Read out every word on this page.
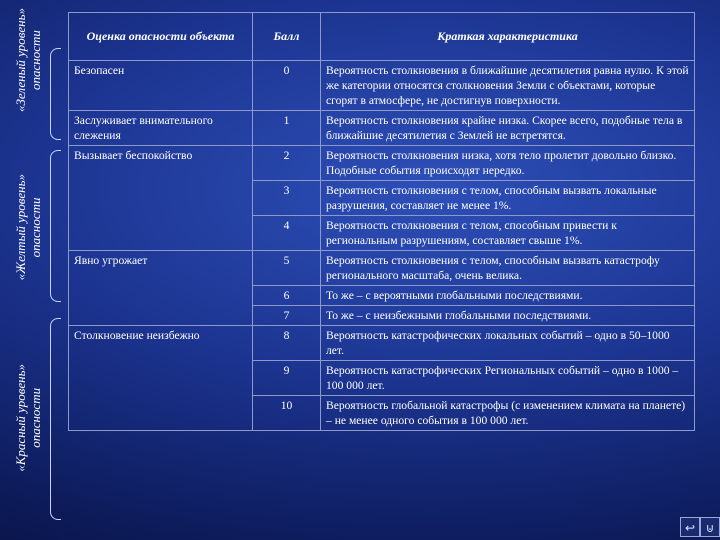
«Зеленый уровень»
опасности
«Желтый уровень»
опасности
«Красный уровень»
опасности
Оценка опасности объекта	Балл	Краткая характеристика
Безопасен	0	Вероятность столкновения в ближайшие десятилетия равна нулю. К этой же категории относятся столкновения Земли с объектами, которые сгорят в атмосфере, не достигнув поверхности.
Заслуживает внимательного слежения	1	Вероятность столкновения крайне низка. Скорее всего, подобные тела в ближайшие десятилетия с Землей не встретятся.
Вызывает беспокойство	2	Вероятность столкновения низка, хотя тело пролетит довольно близко. Подобные события происходят нередко.
	3	Вероятность столкновения с телом, способным вызвать локальные разрушения, составляет не менее 1%.
	4	Вероятность столкновения с телом, способным привести к региональным разрушениям, составляет свыше 1%.
Явно угрожает	5	Вероятность столкновения с телом, способным вызвать катастрофу регионального масштаба, очень велика.
	6	То же – с вероятными глобальными последствиями.
	7	То же – с неизбежными глобальными последствиями.
Столкновение неизбежно	8	Вероятность катастрофических локальных событий – одно в 50–1000 лет.
	9	Вероятность катастрофических Региональных событий – одно в 1000 – 100 000 лет.
	10	Вероятность глобальной катастрофы (с изменением климата на планете) – не менее одного события в 100 000 лет.
↩ ⊍
